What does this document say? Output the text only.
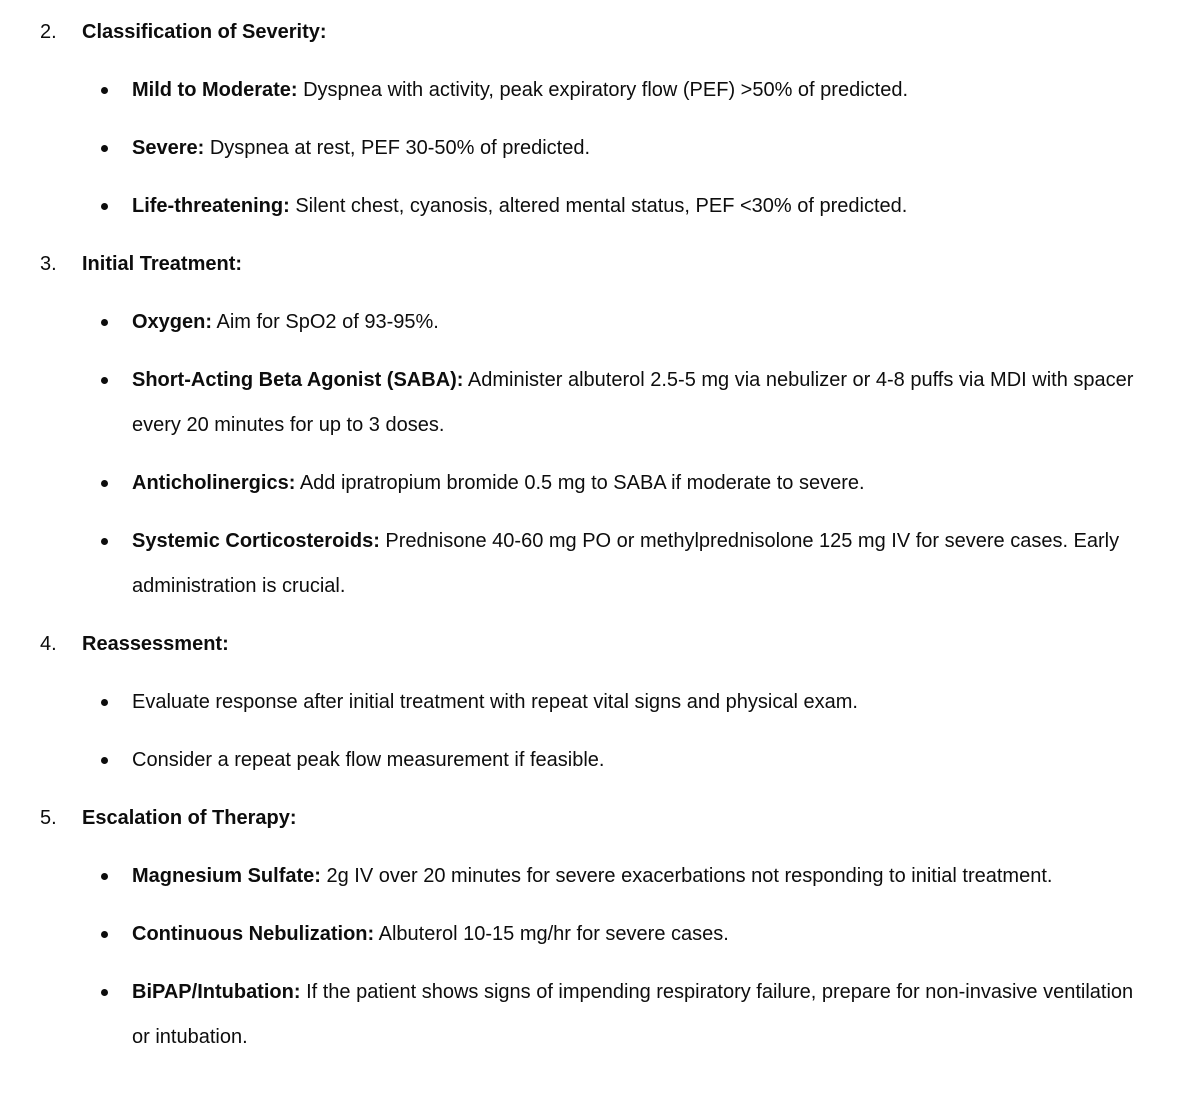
2.	Classification of Severity:

Mild to Moderate: Dyspnea with activity, peak expiratory flow (PEF) >50% of predicted.

Severe: Dyspnea at rest, PEF 30-50% of predicted.

Life-threatening: Silent chest, cyanosis, altered mental status, PEF <30% of predicted.

3.	Initial Treatment:

Oxygen: Aim for SpO2 of 93-95%.

Short-Acting Beta Agonist (SABA): Administer albuterol 2.5-5 mg via nebulizer or 4-8 puffs via MDI with spacer every 20 minutes for up to 3 doses.

Anticholinergics: Add ipratropium bromide 0.5 mg to SABA if moderate to severe.

Systemic Corticosteroids: Prednisone 40-60 mg PO or methylprednisolone 125 mg IV for severe cases. Early administration is crucial.

4.	Reassessment:

Evaluate response after initial treatment with repeat vital signs and physical exam.

Consider a repeat peak flow measurement if feasible.

5.	Escalation of Therapy:

Magnesium Sulfate: 2g IV over 20 minutes for severe exacerbations not responding to initial treatment.

Continuous Nebulization: Albuterol 10-15 mg/hr for severe cases.

BiPAP/Intubation: If the patient shows signs of impending respiratory failure, prepare for non-invasive ventilation or intubation.
